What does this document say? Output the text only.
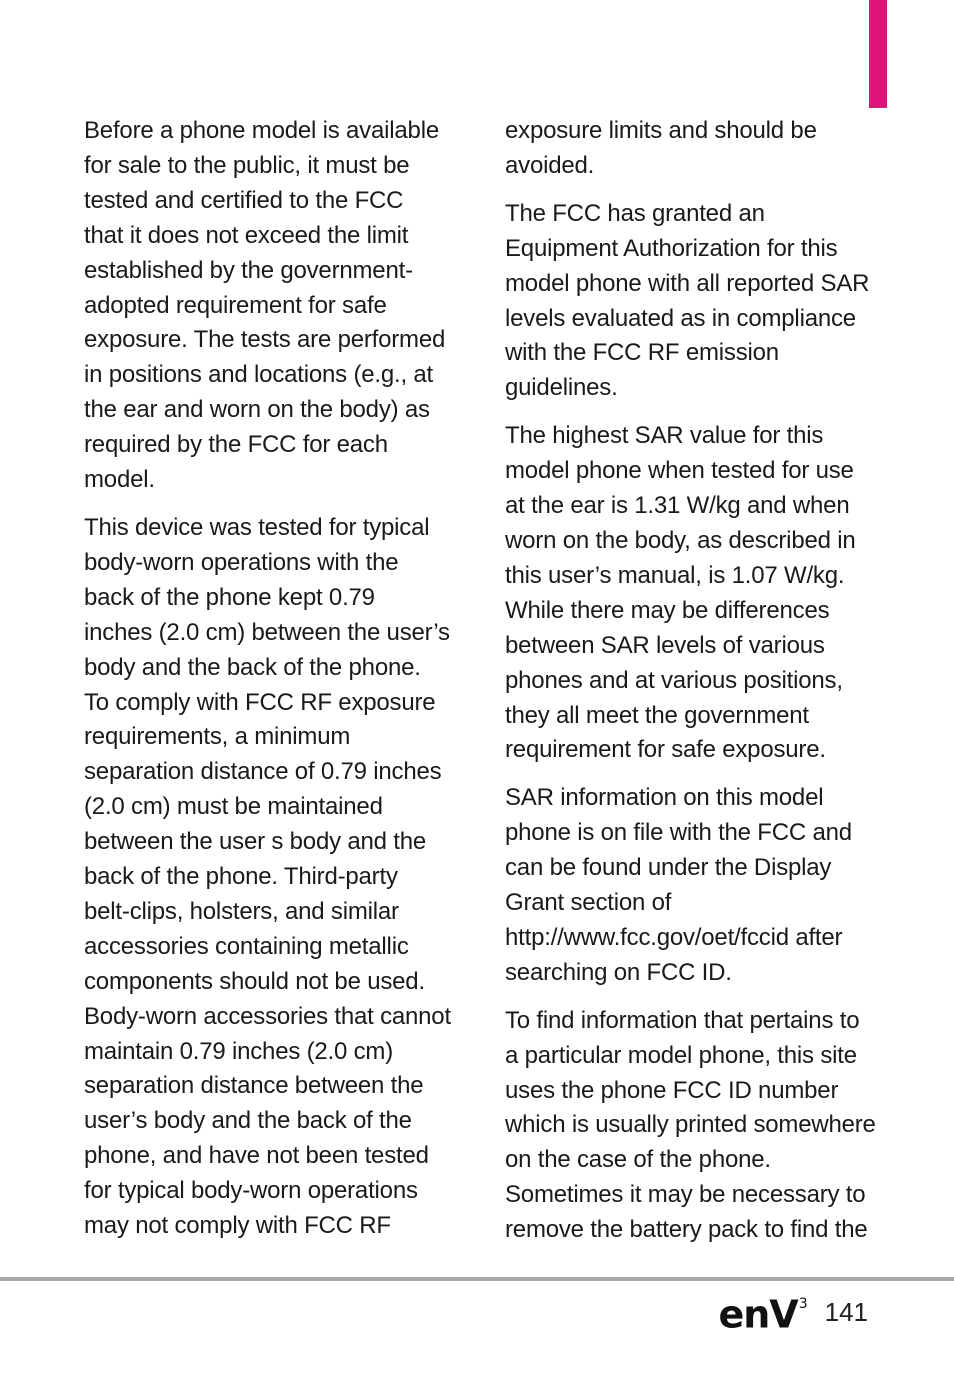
Before a phone model is available
for sale to the public, it must be
tested and certified to the FCC
that it does not exceed the limit
established by the government-
adopted requirement for safe
exposure. The tests are performed
in positions and locations (e.g., at
the ear and worn on the body) as
required by the FCC for each
model.

This device was tested for typical
body-worn operations with the
back of the phone kept 0.79
inches (2.0 cm) between the user’s
body and the back of the phone.
To comply with FCC RF exposure
requirements, a minimum
separation distance of 0.79 inches
(2.0 cm) must be maintained
between the user s body and the
back of the phone. Third-party
belt-clips, holsters, and similar
accessories containing metallic
components should not be used.
Body-worn accessories that cannot
maintain 0.79 inches (2.0 cm)
separation distance between the
user’s body and the back of the
phone, and have not been tested
for typical body-worn operations
may not comply with FCC RF

exposure limits and should be
avoided.

The FCC has granted an
Equipment Authorization for this
model phone with all reported SAR
levels evaluated as in compliance
with the FCC RF emission
guidelines.

The highest SAR value for this
model phone when tested for use
at the ear is 1.31 W/kg and when
worn on the body, as described in
this user’s manual, is 1.07 W/kg.
While there may be differences
between SAR levels of various
phones and at various positions,
they all meet the government
requirement for safe exposure.

SAR information on this model
phone is on file with the FCC and
can be found under the Display
Grant section of
http://www.fcc.gov/oet/fccid after
searching on FCC ID.

To find information that pertains to
a particular model phone, this site
uses the phone FCC ID number
which is usually printed somewhere
on the case of the phone.
Sometimes it may be necessary to
remove the battery pack to find the

enV$^3$ 141
